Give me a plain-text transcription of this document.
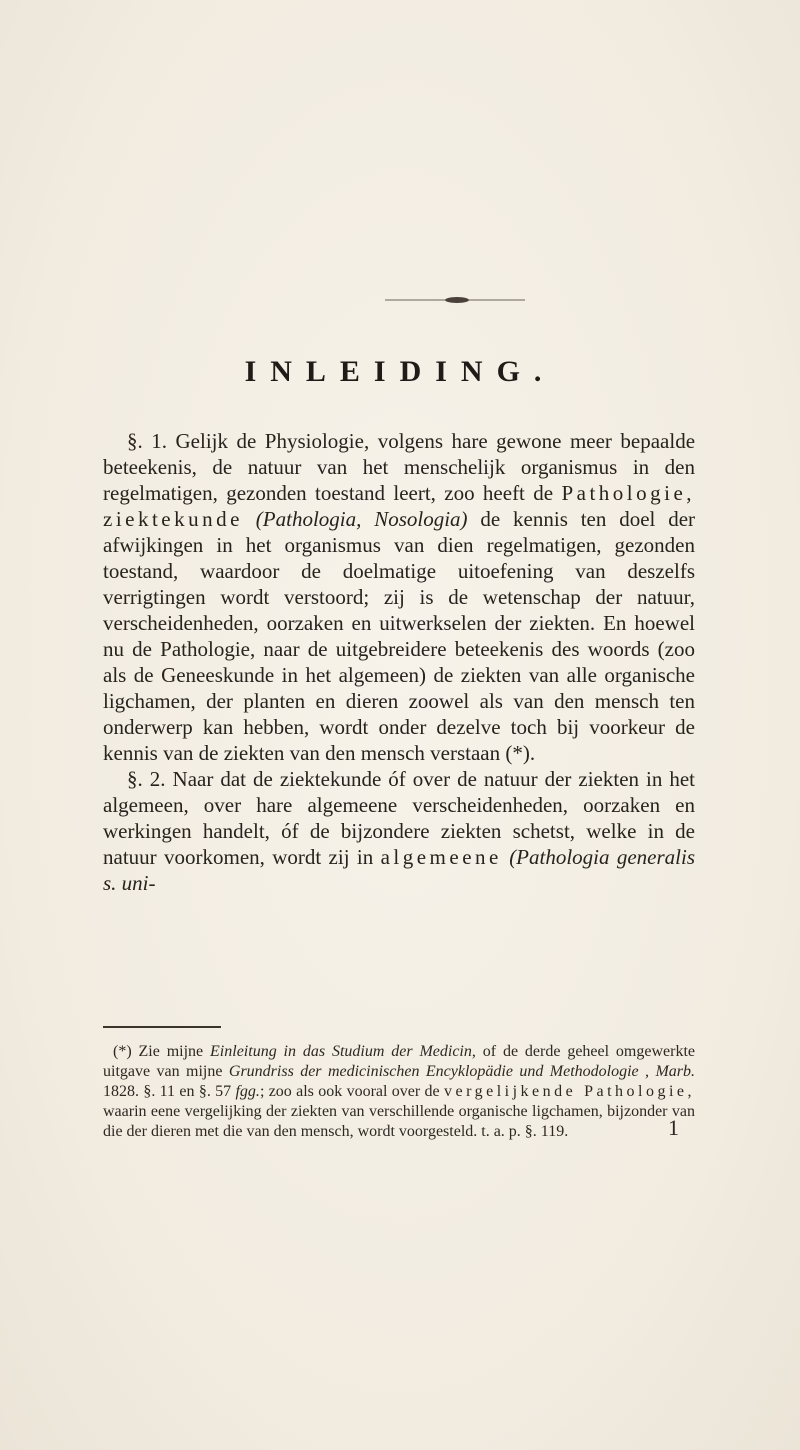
INLEIDING.

§. 1. Gelijk de Physiologie, volgens hare gewone meer bepaalde beteekenis, de natuur van het menschelijk organismus in den regelmatigen, gezonden toestand leert, zoo heeft de Pathologie, ziektekunde (Pathologia, Nosologia) de kennis ten doel der afwijkingen in het organismus van dien regelmatigen, gezonden toestand, waardoor de doelmatige uitoefening van deszelfs verrigtingen wordt verstoord; zij is de wetenschap der natuur, verscheidenheden, oorzaken en uitwerkselen der ziekten. En hoewel nu de Pathologie, naar de uitgebreidere beteekenis des woords (zoo als de Geneeskunde in het algemeen) de ziekten van alle organische ligchamen, der planten en dieren zoowel als van den mensch ten onderwerp kan hebben, wordt onder dezelve toch bij voorkeur de kennis van de ziekten van den mensch verstaan (*).

§. 2. Naar dat de ziektekunde óf over de natuur der ziekten in het algemeen, over hare algemeene verscheidenheden, oorzaken en werkingen handelt, óf de bijzondere ziekten schetst, welke in de natuur voorkomen, wordt zij in algemeene (Pathologia generalis s. uni-

(*) Zie mijne Einleitung in das Studium der Medicin, of de derde geheel omgewerkte uitgave van mijne Grundriss der medicinischen Encyklopädie und Methodologie , Marb. 1828. §. 11 en §. 57 fgg.; zoo als ook vooral over de vergelijkende Pathologie, waarin eene vergelijking der ziekten van verschillende organische ligchamen, bijzonder van die der dieren met die van den mensch, wordt voorgesteld. t. a. p. §. 119.	1
